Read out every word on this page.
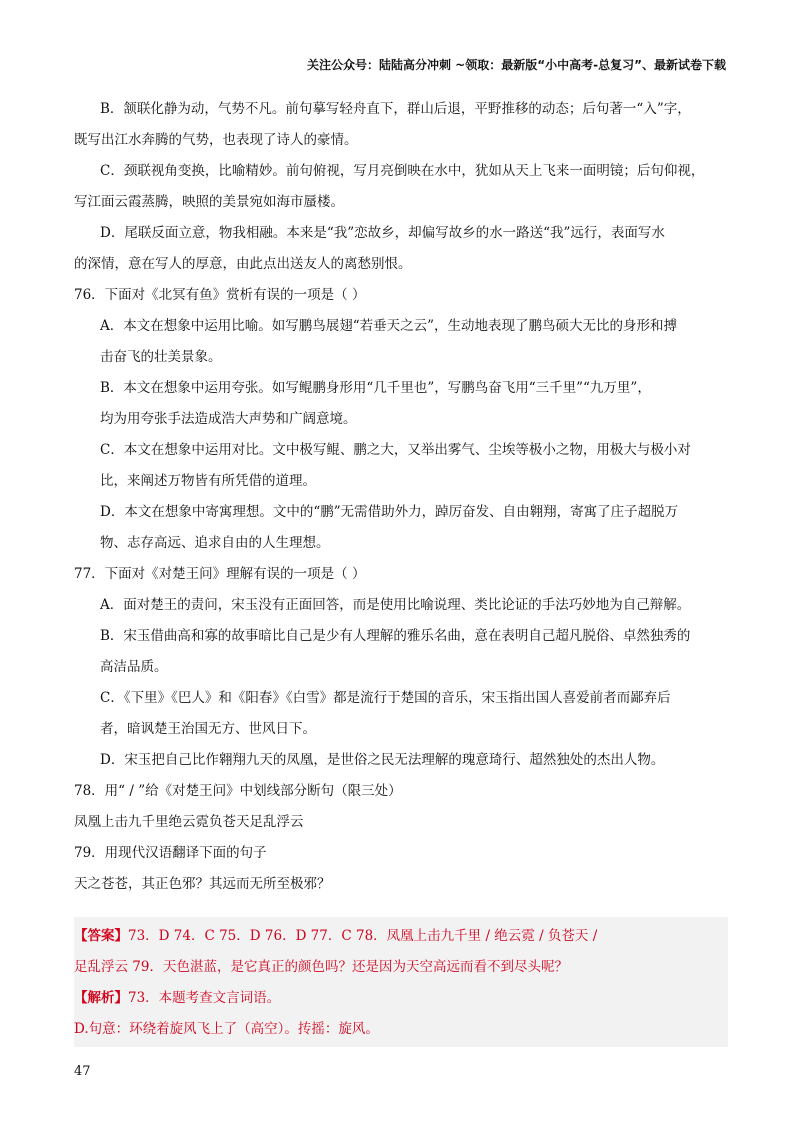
关注公众号：陆陆高分冲刺 ~领取：最新版“小中高考-总复习”、最新试卷下载

B．颔联化静为动，气势不凡。前句摹写轻舟直下，群山后退，平野推移的动态；后句著一“入”字，

既写出江水奔腾的气势，也表现了诗人的豪情。

C．颈联视角变换，比喻精妙。前句俯视，写月亮倒映在水中，犹如从天上飞来一面明镜；后句仰视，

写江面云霞蒸腾，映照的美景宛如海市蜃楼。

D．尾联反面立意，物我相融。本来是“我”恋故乡，却偏写故乡的水一路送“我”远行，表面写水

的深情，意在写人的厚意，由此点出送友人的离愁别恨。

76．下面对《北冥有鱼》赏析有误的一项是（ ）

A．本文在想象中运用比喻。如写鹏鸟展翅“若垂天之云”，生动地表现了鹏鸟硕大无比的身形和搏

击奋飞的壮美景象。

B．本文在想象中运用夸张。如写鲲鹏身形用“几千里也”，写鹏鸟奋飞用“三千里”“九万里”，

均为用夸张手法造成浩大声势和广阔意境。

C．本文在想象中运用对比。文中极写鲲、鹏之大，又举出雾气、尘埃等极小之物，用极大与极小对

比，来阐述万物皆有所凭借的道理。

D．本文在想象中寄寓理想。文中的“鹏”无需借助外力，踔厉奋发、自由翱翔，寄寓了庄子超脱万

物、志存高远、追求自由的人生理想。

77．下面对《对楚王问》理解有误的一项是（ ）

A．面对楚王的责问，宋玉没有正面回答，而是使用比喻说理、类比论证的手法巧妙地为自己辩解。

B．宋玉借曲高和寡的故事暗比自己是少有人理解的雅乐名曲，意在表明自己超凡脱俗、卓然独秀的

高洁品质。

C．《下里》《巴人》和《阳春》《白雪》都是流行于楚国的音乐，宋玉指出国人喜爱前者而鄙弃后

者，暗讽楚王治国无方、世风日下。

D．宋玉把自己比作翱翔九天的凤凰，是世俗之民无法理解的瑰意琦行、超然独处的杰出人物。

78．用“ / ”给《对楚王问》中划线部分断句（限三处）

凤凰上击九千里绝云霓负苍天足乱浮云

79．用现代汉语翻译下面的句子

天之苍苍，其正色邪？其远而无所至极邪？

【答案】73．D 74．C 75．D 76．D 77．C 78．凤凰上击九千里 / 绝云霓 / 负苍天 /

足乱浮云 79．天色湛蓝，是它真正的颜色吗？还是因为天空高远而看不到尽头呢？

【解析】73．本题考查文言词语。

D.句意：环绕着旋风飞上了（高空）。抟摇：旋风。

47
